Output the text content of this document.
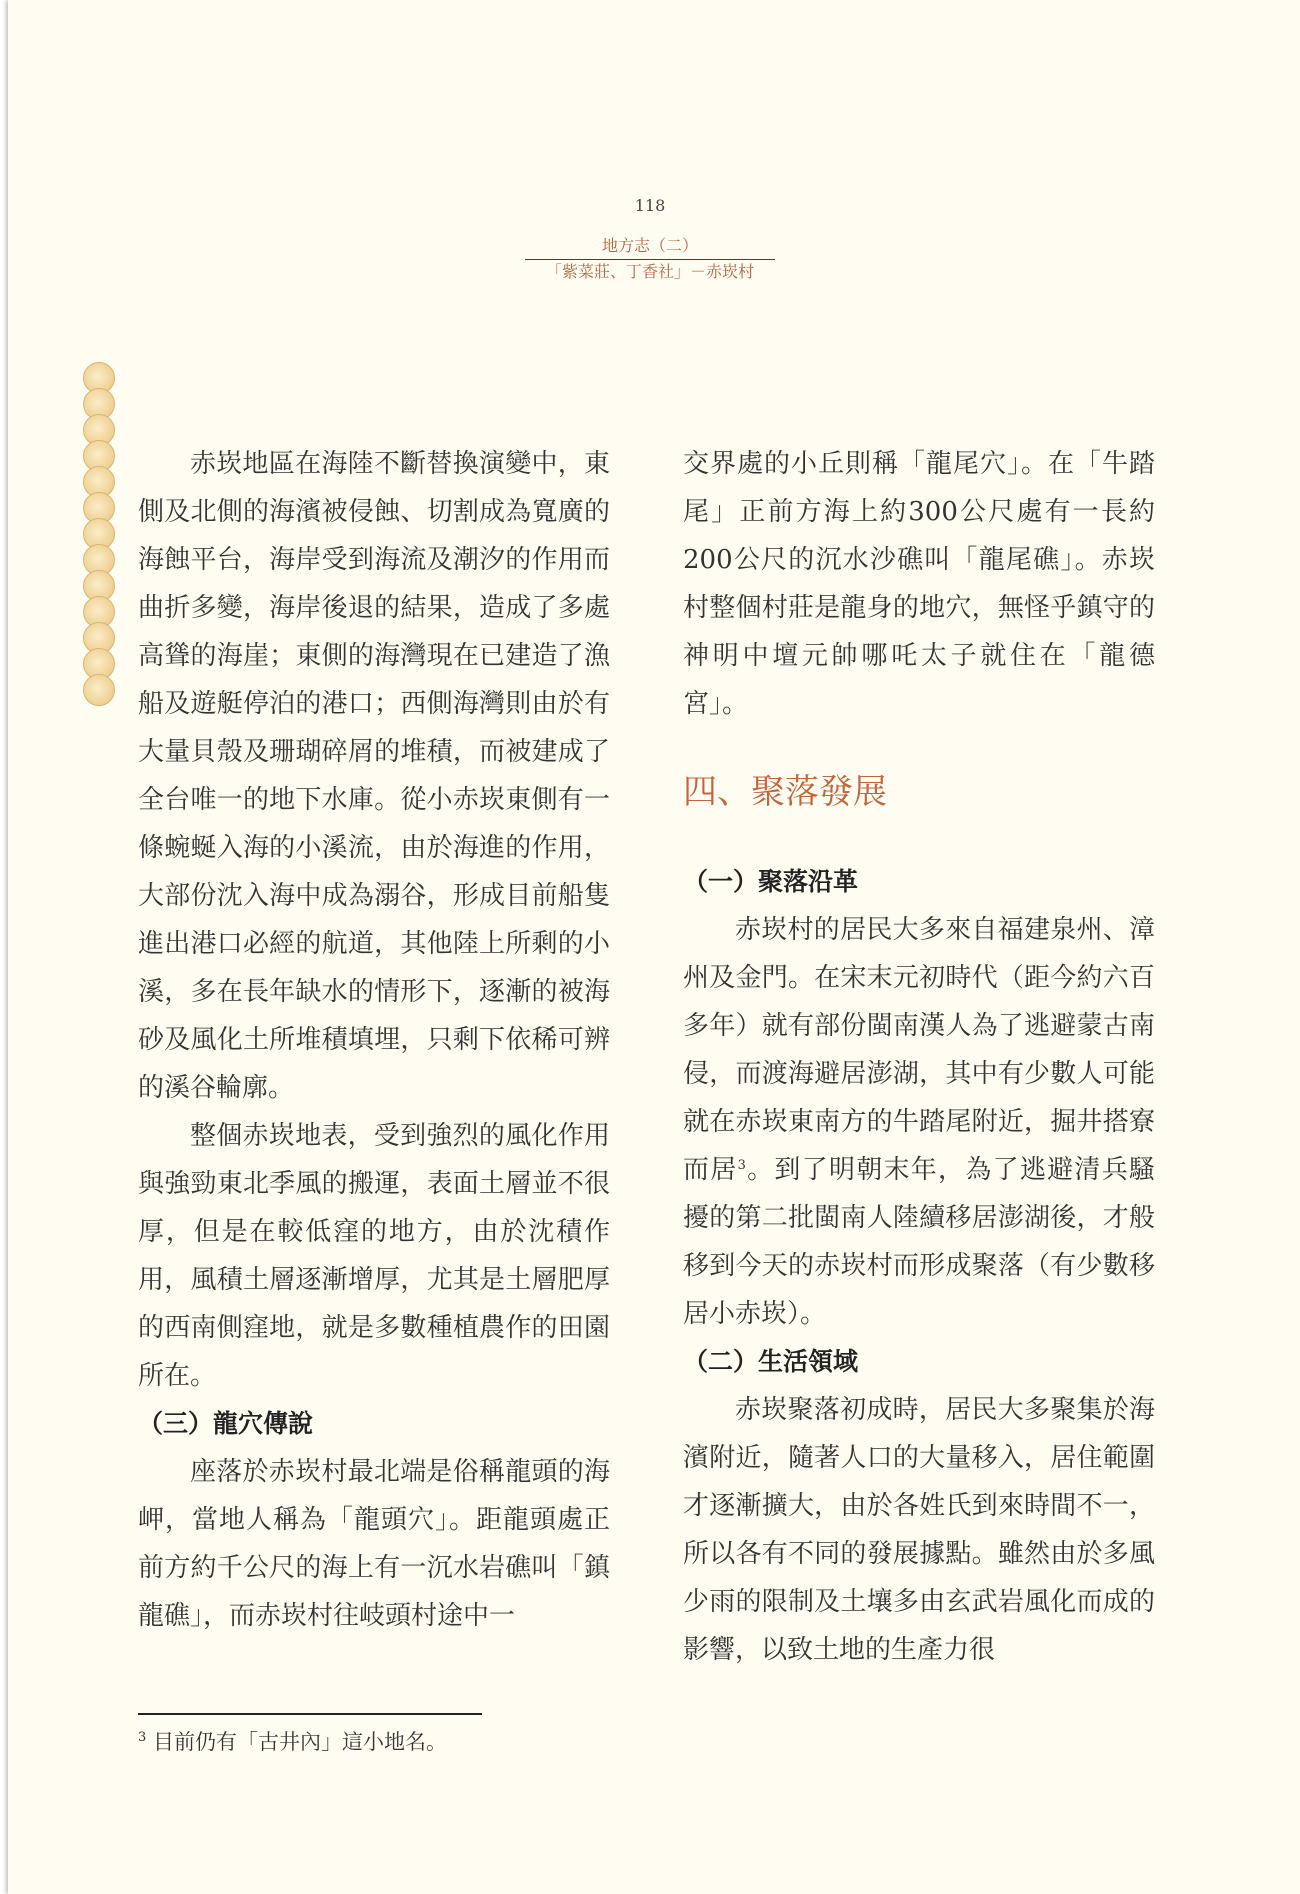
118
地方志（二）
「紫菜莊、丁香社」－赤崁村

赤崁地區在海陸不斷替換演變中，東側及北側的海濱被侵蝕、切割成為寬廣的海蝕平台，海岸受到海流及潮汐的作用而曲折多變，海岸後退的結果，造成了多處高聳的海崖；東側的海灣現在已建造了漁船及遊艇停泊的港口；西側海灣則由於有大量貝殼及珊瑚碎屑的堆積，而被建成了全台唯一的地下水庫。從小赤崁東側有一條蜿蜒入海的小溪流，由於海進的作用，大部份沈入海中成為溺谷，形成目前船隻進出港口必經的航道，其他陸上所剩的小溪，多在長年缺水的情形下，逐漸的被海砂及風化土所堆積填埋，只剩下依稀可辨的溪谷輪廓。

整個赤崁地表，受到強烈的風化作用與強勁東北季風的搬運，表面土層並不很厚，但是在較低窪的地方，由於沈積作用，風積土層逐漸增厚，尤其是土層肥厚的西南側窪地，就是多數種植農作的田園所在。

（三）龍穴傳說

座落於赤崁村最北端是俗稱龍頭的海岬，當地人稱為「龍頭穴」。距龍頭處正前方約千公尺的海上有一沉水岩礁叫「鎮龍礁」，而赤崁村往岐頭村途中一

交界處的小丘則稱「龍尾穴」。在「牛踏尾」正前方海上約300公尺處有一長約200公尺的沉水沙礁叫「龍尾礁」。赤崁村整個村莊是龍身的地穴，無怪乎鎮守的神明中壇元帥哪吒太子就住在「龍德宮」。

四、聚落發展
（一）聚落沿革

赤崁村的居民大多來自福建泉州、漳州及金門。在宋末元初時代（距今約六百多年）就有部份閩南漢人為了逃避蒙古南侵，而渡海避居澎湖，其中有少數人可能就在赤崁東南方的牛踏尾附近，掘井搭寮而居$^3$。到了明朝末年，為了逃避清兵騷擾的第二批閩南人陸續移居澎湖後，才般移到今天的赤崁村而形成聚落（有少數移居小赤崁）。

（二）生活領域

赤崁聚落初成時，居民大多聚集於海濱附近，隨著人口的大量移入，居住範圍才逐漸擴大，由於各姓氏到來時間不一，所以各有不同的發展據點。雖然由於多風少雨的限制及土壤多由玄武岩風化而成的影響，以致土地的生產力很

$^3$ 目前仍有「古井內」這小地名。
